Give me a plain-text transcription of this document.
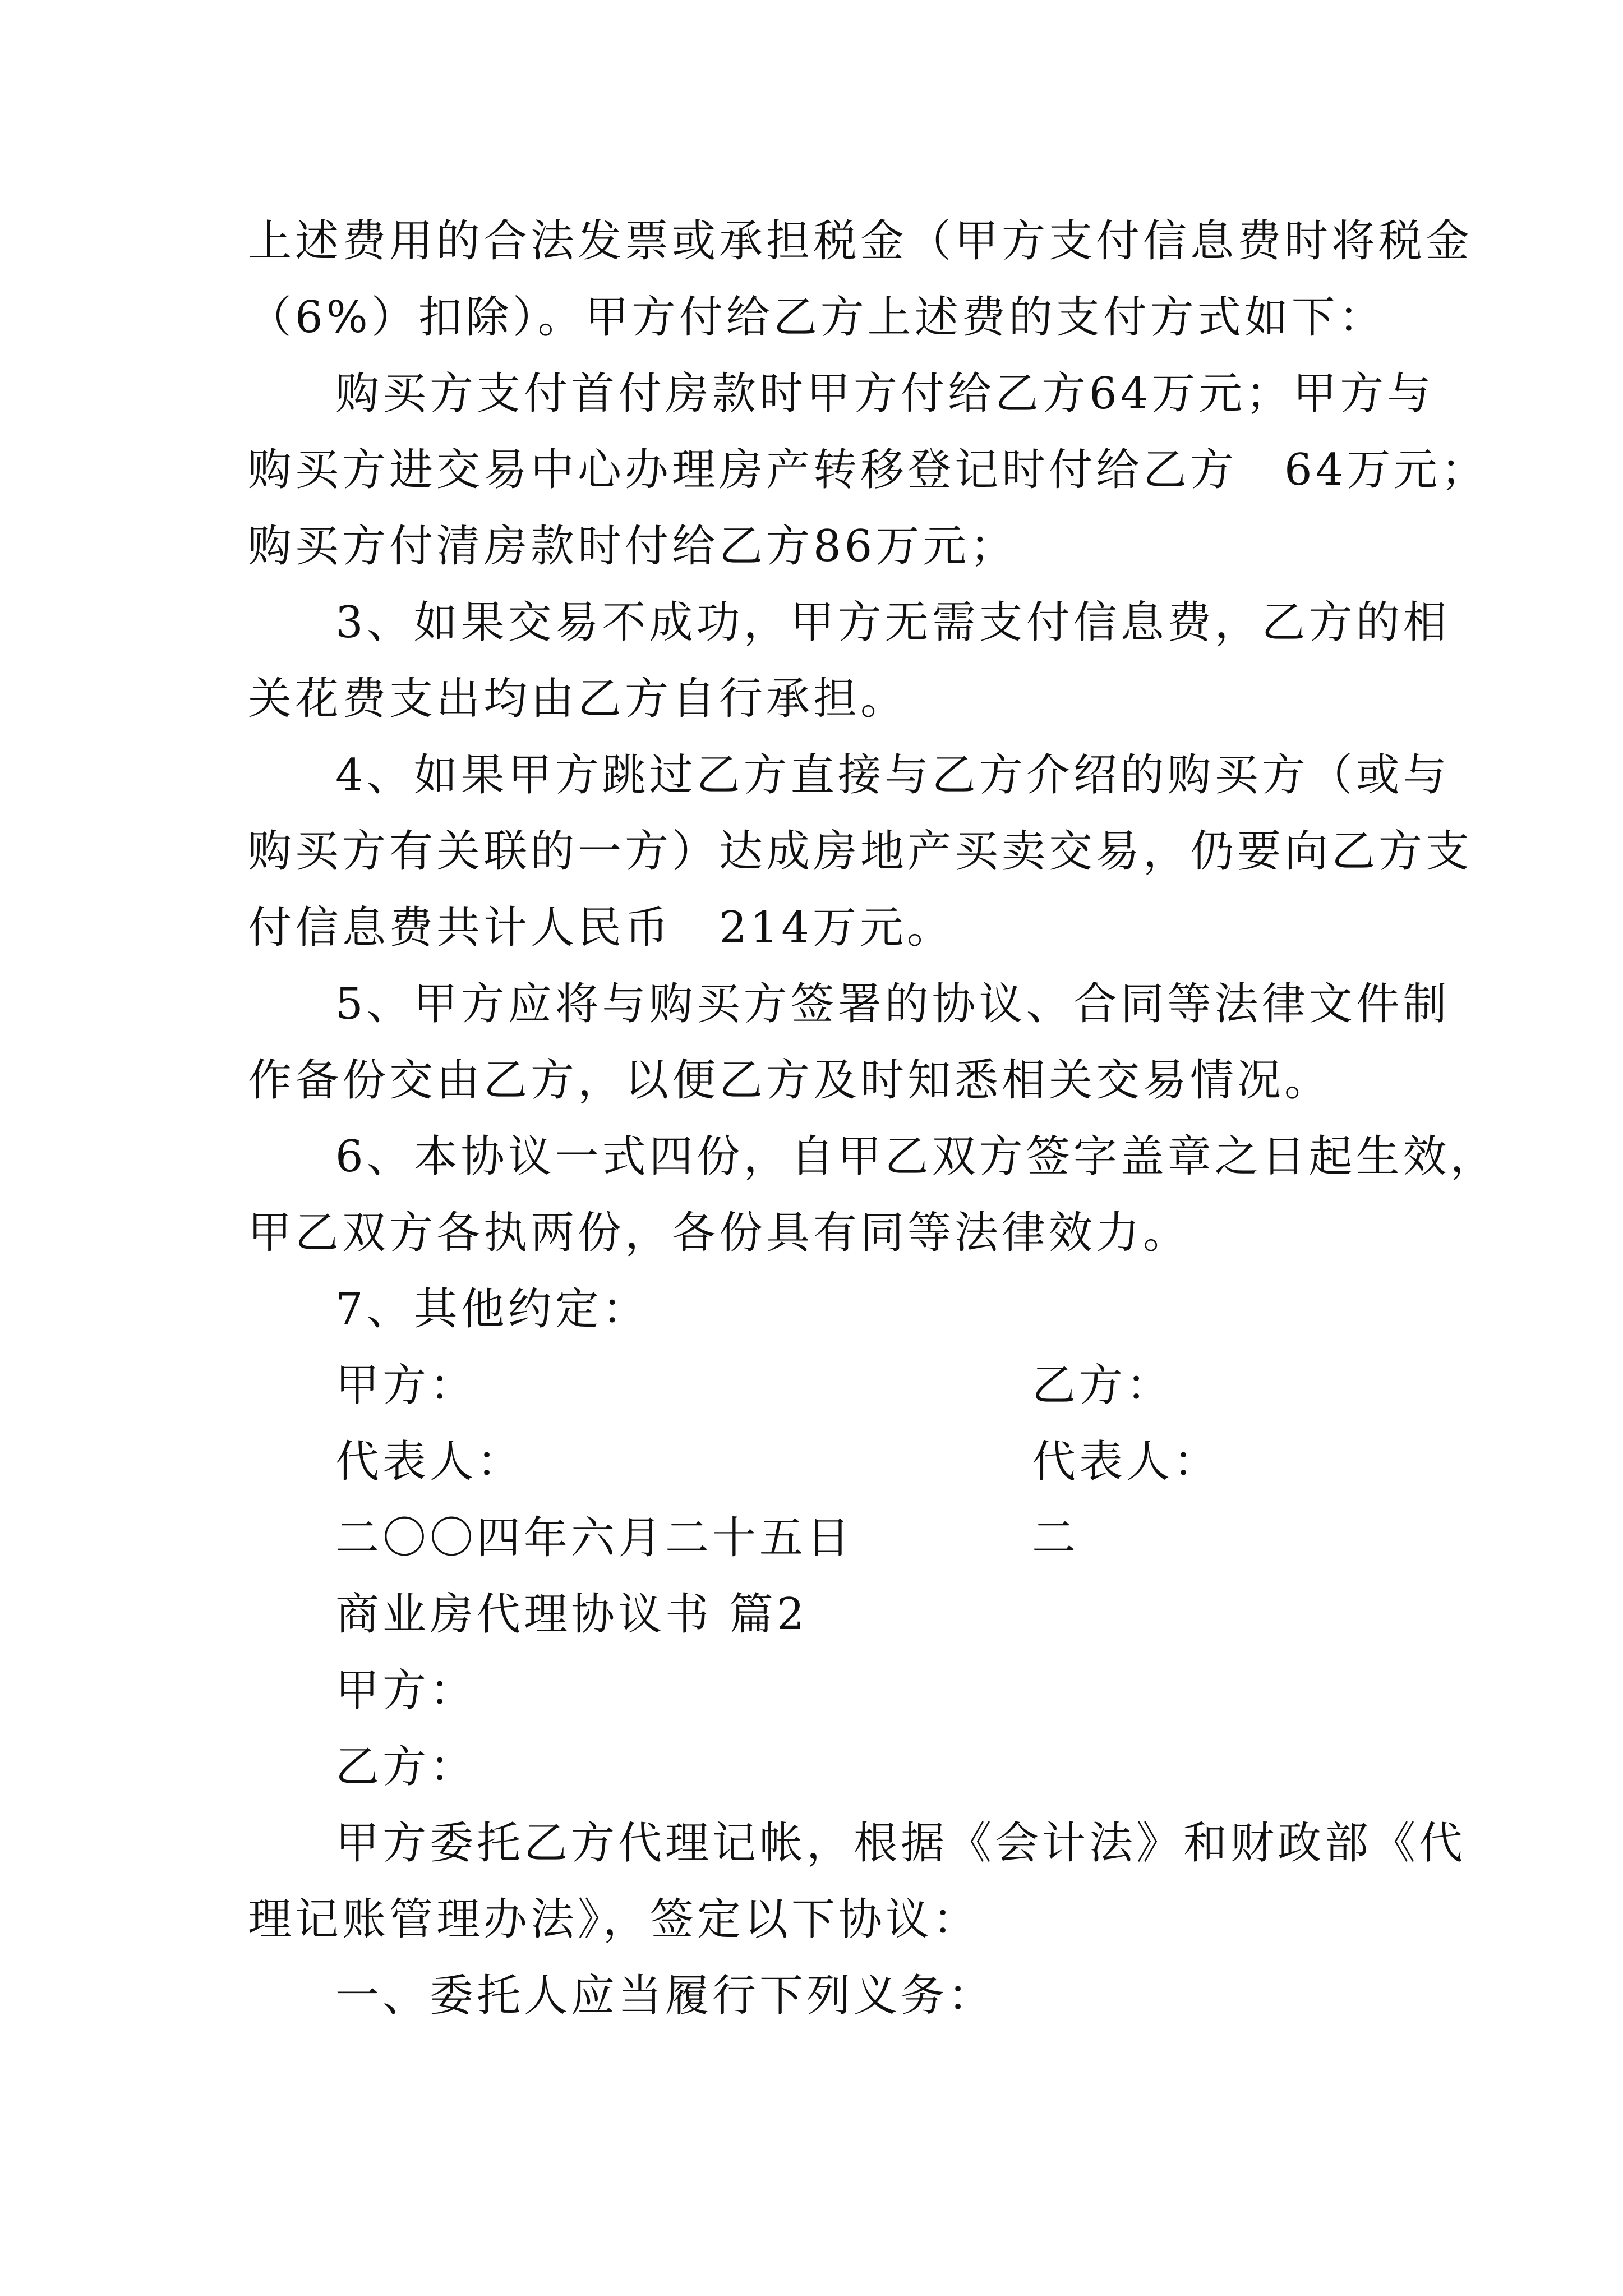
上述费用的合法发票或承担税金（甲方支付信息费时将税金
（6%）扣除）。甲方付给乙方上述费的支付方式如下：
购买方支付首付房款时甲方付给乙方64万元；甲方与
购买方进交易中心办理房产转移登记时付给乙方　64万元；
购买方付清房款时付给乙方86万元；
3、如果交易不成功，甲方无需支付信息费，乙方的相
关花费支出均由乙方自行承担。
4、如果甲方跳过乙方直接与乙方介绍的购买方（或与
购买方有关联的一方）达成房地产买卖交易，仍要向乙方支
付信息费共计人民币　214万元。
5、甲方应将与购买方签署的协议、合同等法律文件制
作备份交由乙方，以便乙方及时知悉相关交易情况。
6、本协议一式四份，自甲乙双方签字盖章之日起生效，
甲乙双方各执两份，各份具有同等法律效力。
7、其他约定：
甲方：	乙方：
代表人：	代表人：
二〇〇四年六月二十五日	二
商业房代理协议书 篇2
甲方：
乙方：
甲方委托乙方代理记帐，根据《会计法》和财政部《代
理记账管理办法》，签定以下协议：
一、委托人应当履行下列义务：
